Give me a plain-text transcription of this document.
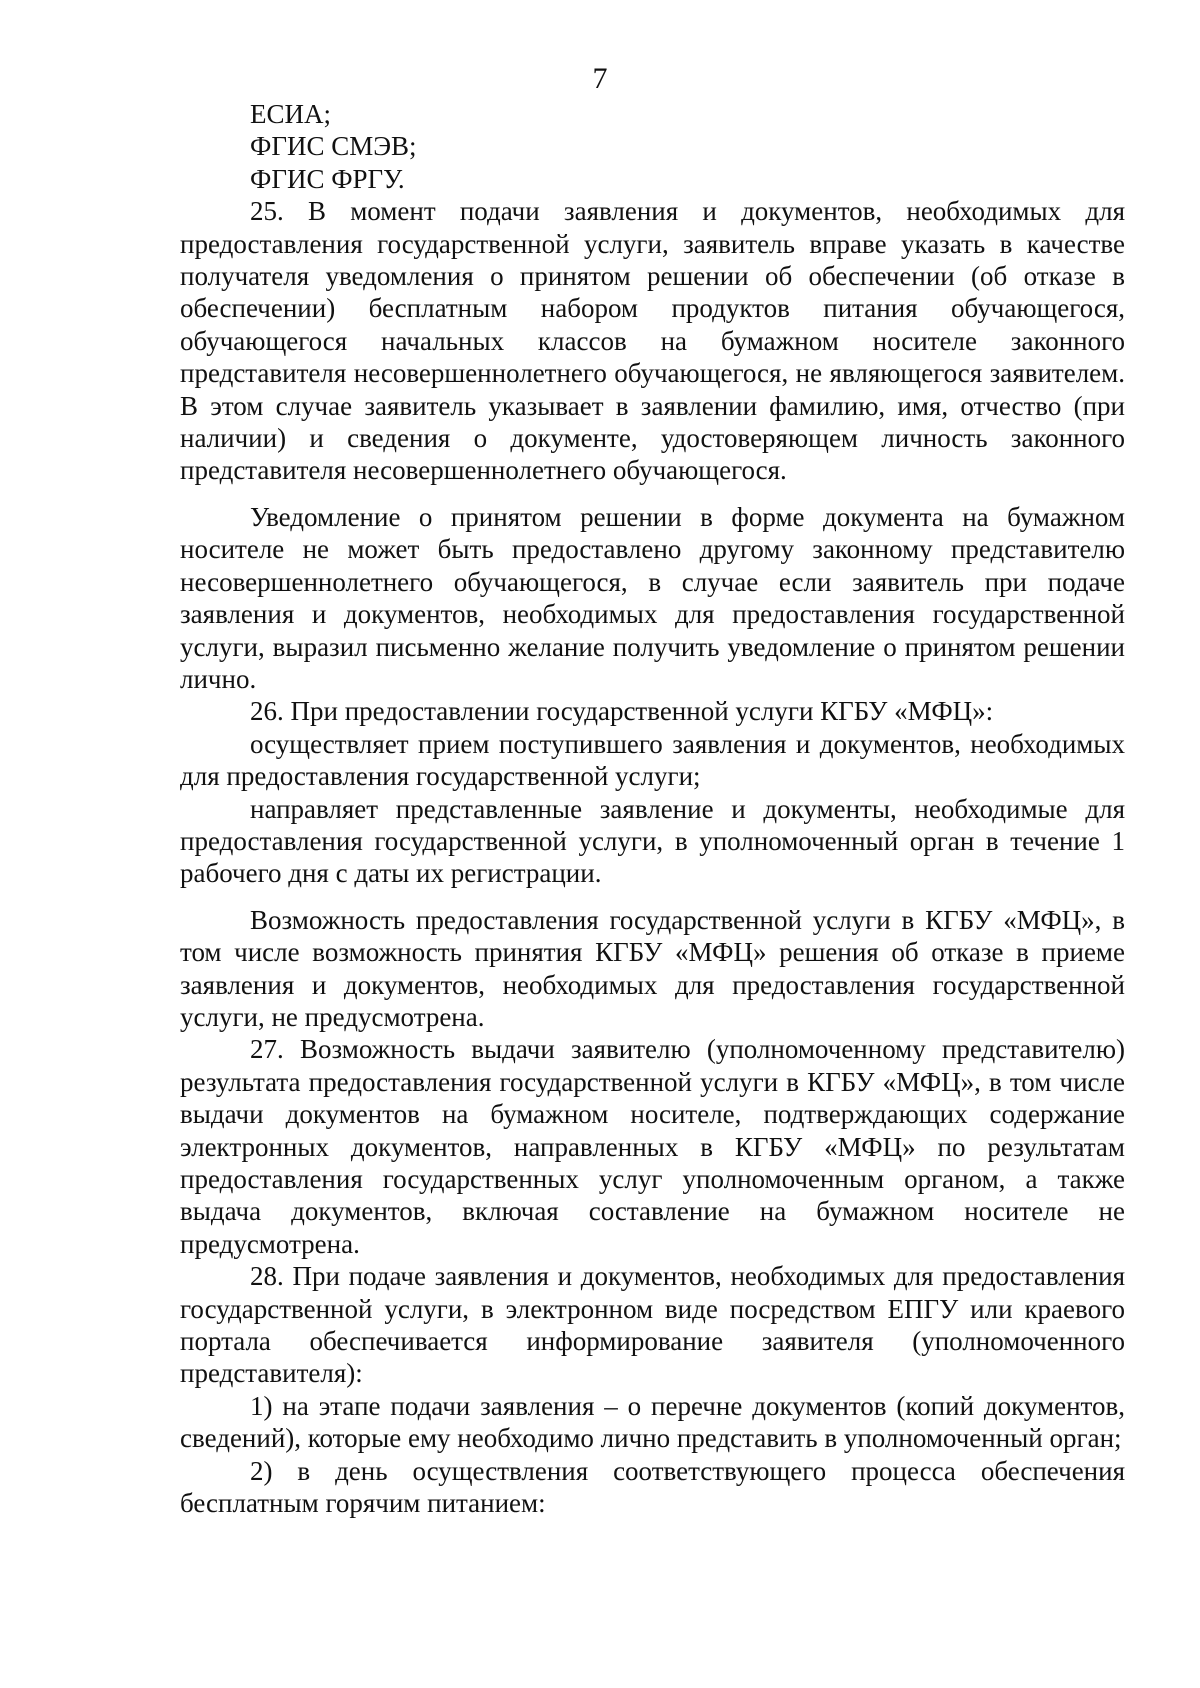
7

ЕСИА;

ФГИС СМЭВ;

ФГИС ФРГУ.

25. В момент подачи заявления и документов, необходимых для предоставления государственной услуги, заявитель вправе указать в качестве получателя уведомления о принятом решении об обеспечении (об отказе в обеспечении) бесплатным набором продуктов питания обучающегося, обучающегося начальных классов на бумажном носителе законного представителя несовершеннолетнего обучающегося, не являющегося заявителем. В этом случае заявитель указывает в заявлении фамилию, имя, отчество (при наличии) и сведения о документе, удостоверяющем личность законного представителя несовершеннолетнего обучающегося.

Уведомление о принятом решении в форме документа на бумажном носителе не может быть предоставлено другому законному представителю несовершеннолетнего обучающегося, в случае если заявитель при подаче заявления и документов, необходимых для предоставления государственной услуги, выразил письменно желание получить уведомление о принятом решении лично.

26. При предоставлении государственной услуги КГБУ «МФЦ»:

осуществляет прием поступившего заявления и документов, необходимых для предоставления государственной услуги;

направляет представленные заявление и документы, необходимые для предоставления государственной услуги, в уполномоченный орган в течение 1 рабочего дня с даты их регистрации.

Возможность предоставления государственной услуги в КГБУ «МФЦ», в том числе возможность принятия КГБУ «МФЦ» решения об отказе в приеме заявления и документов, необходимых для предоставления государственной услуги, не предусмотрена.

27. Возможность выдачи заявителю (уполномоченному представителю) результата предоставления государственной услуги в КГБУ «МФЦ», в том числе выдачи документов на бумажном носителе, подтверждающих содержание электронных документов, направленных в КГБУ «МФЦ» по результатам предоставления государственных услуг уполномоченным органом, а также выдача документов, включая составление на бумажном носителе не предусмотрена.

28. При подаче заявления и документов, необходимых для предоставления государственной услуги, в электронном виде посредством ЕПГУ или краевого портала обеспечивается информирование заявителя (уполномоченного представителя):

1) на этапе подачи заявления – о перечне документов (копий документов, сведений), которые ему необходимо лично представить в уполномоченный орган;

2) в день осуществления соответствующего процесса обеспечения бесплатным горячим питанием:
